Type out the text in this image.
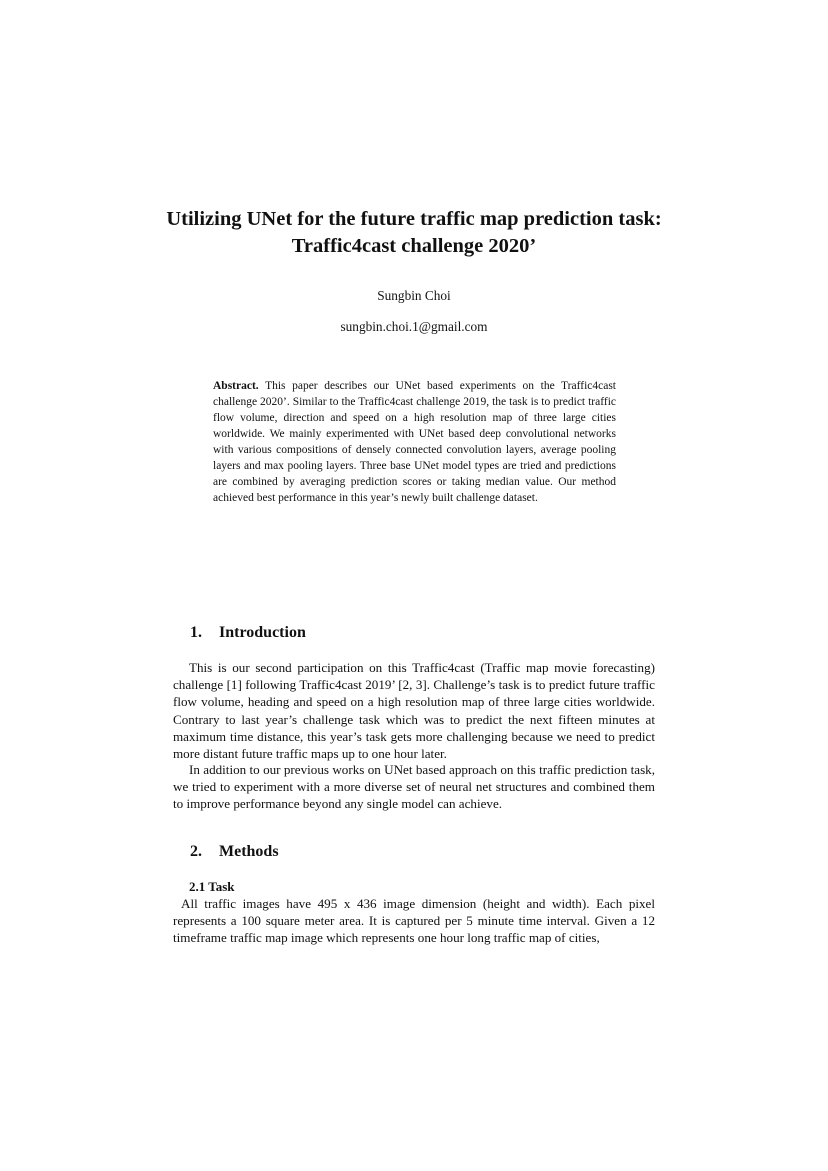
Utilizing UNet for the future traffic map prediction task:
Traffic4cast challenge 2020’

Sungbin Choi

sungbin.choi.1@gmail.com

Abstract. This paper describes our UNet based experiments on the Traffic4cast challenge 2020’. Similar to the Traffic4cast challenge 2019, the task is to predict traffic flow volume, direction and speed on a high resolution map of three large cities worldwide. We mainly experimented with UNet based deep convolutional networks with various compositions of densely connected convolution layers, average pooling layers and max pooling layers. Three base UNet model types are tried and predictions are combined by averaging prediction scores or taking median value. Our method achieved best performance in this year’s newly built challenge dataset.

1. Introduction

This is our second participation on this Traffic4cast (Traffic map movie forecasting) challenge [1] following Traffic4cast 2019’ [2, 3]. Challenge’s task is to predict future traffic flow volume, heading and speed on a high resolution map of three large cities worldwide. Contrary to last year’s challenge task which was to predict the next fifteen minutes at maximum time distance, this year’s task gets more challenging because we need to predict more distant future traffic maps up to one hour later.

In addition to our previous works on UNet based approach on this traffic prediction task, we tried to experiment with a more diverse set of neural net structures and combined them to improve performance beyond any single model can achieve.

2. Methods
2.1 Task

All traffic images have 495 x 436 image dimension (height and width). Each pixel represents a 100 square meter area. It is captured per 5 minute time interval. Given a 12 timeframe traffic map image which represents one hour long traffic map of cities,
